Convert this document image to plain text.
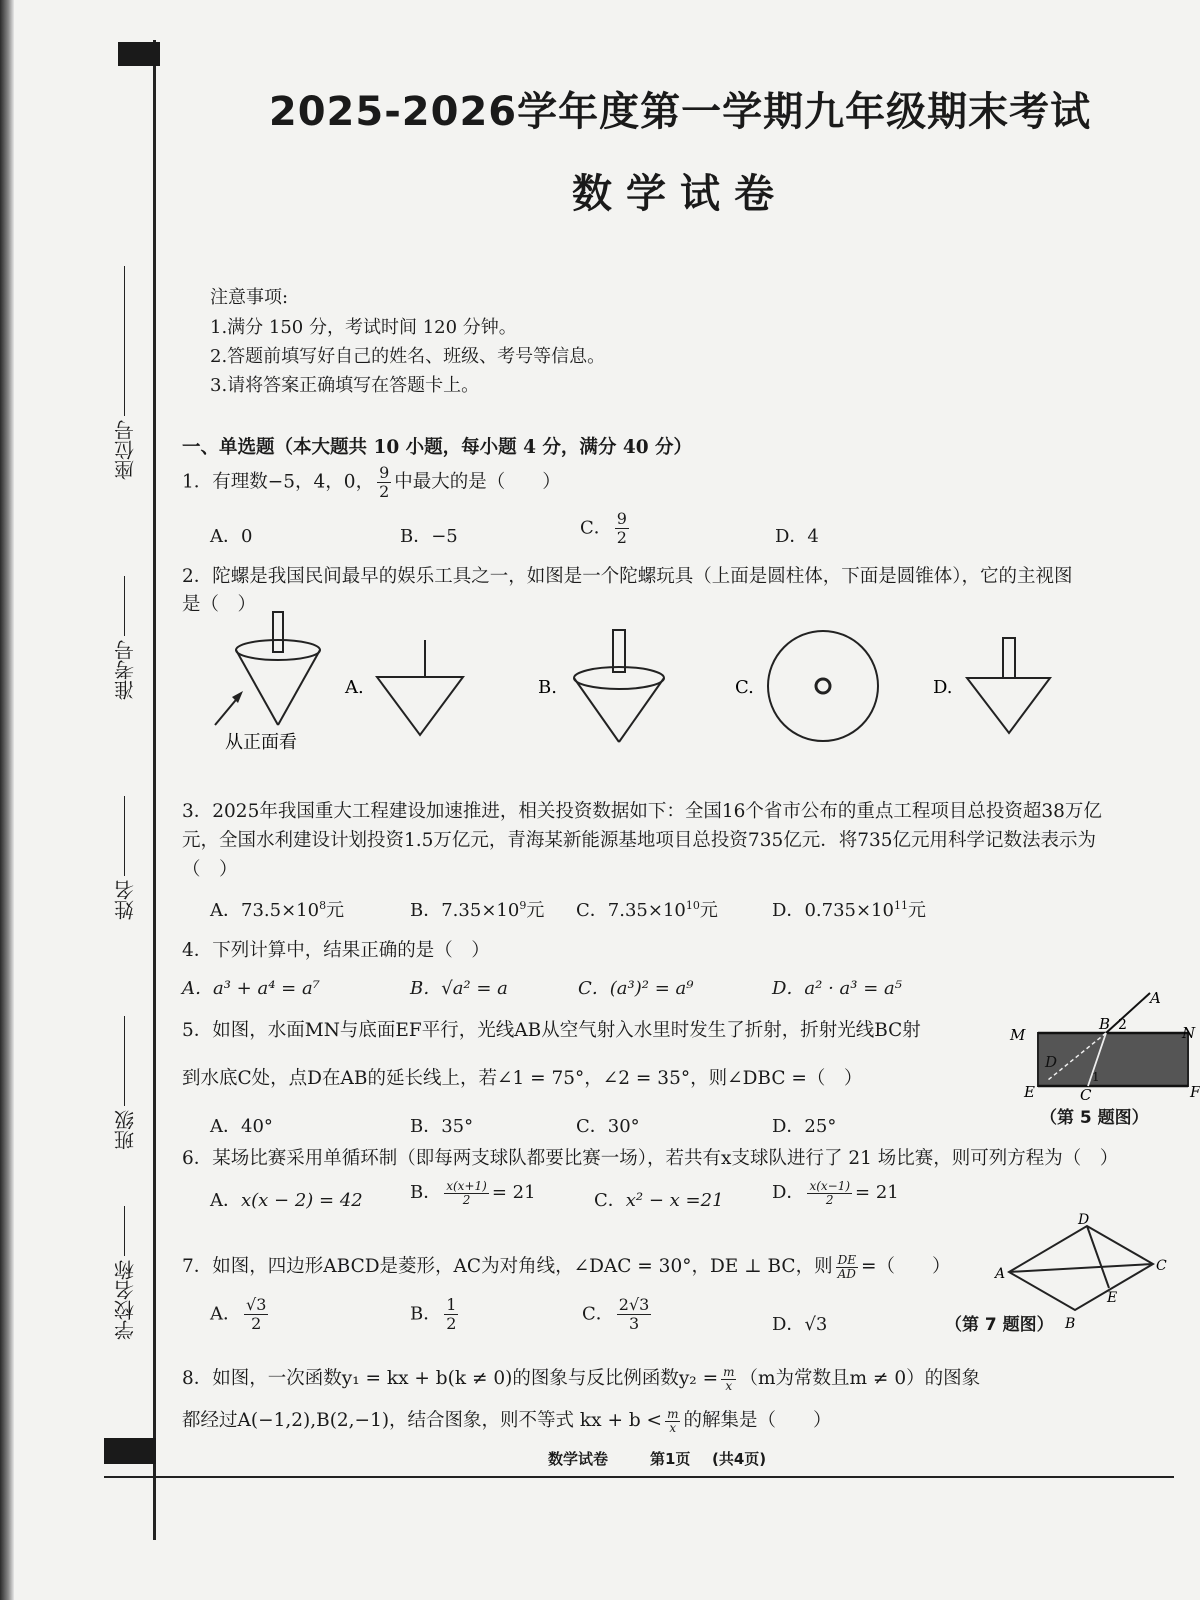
座位号
准考号
姓名
班级
学校名称
2025-2026学年度第一学期九年级期末考试
数学试卷
注意事项:
1.满分 150 分，考试时间 120 分钟。
2.答题前填写好自己的姓名、班级、考号等信息。
3.请将答案正确填写在答题卡上。
一、单选题（本大题共 10 小题，每小题 4 分，满分 40 分）
1．有理数−5，4，0， $\frac{9}{2}$ 中最大的是（　　）
A．0	B．−5	C． $\frac{9}{2}$	D．4
2．陀螺是我国民间最早的娱乐工具之一，如图是一个陀螺玩具（上面是圆柱体，下面是圆锥体），它的主视图
是（　）
从正面看
A.	B.	C.	D.
3．2025年我国重大工程建设加速推进，相关投资数据如下：全国16个省市公布的重点工程项目总投资超38万亿
元，全国水利建设计划投资1.5万亿元，青海某新能源基地项目总投资735亿元．将735亿元用科学记数法表示为
（　）
A．$73.5\times 10^8$元	B．$7.35\times 10^9$元 C．$7.35\times 10^{10}$元	D．$0.735\times 10^{11}$元
4．下列计算中，结果正确的是（　）
A．a³ + a⁴ = a⁷	B．√a² = a	C．(a³)² = a⁹	D．a² · a³ = a⁵
5．如图，水面MN与底面EF平行，光线AB从空气射入水里时发生了折射，折射光线BC射
到水底C处，点D在AB的延长线上，若∠1 = 75°，∠2 = 35°，则∠DBC =（　）
A．40°	B．35°	C．30°	D．25°
M	N
B 2
A
D
1
E	C	F
（第 5 题图）
6．某场比赛采用单循环制（即每两支球队都要比赛一场），若共有x支球队进行了 21 场比赛，则可列方程为（　）
A．x(x − 2) = 42	B． $\frac{x(x+1)}{2} = 21$	C．x² − x =21	D． $\frac{x(x-1)}{2} = 21$
7．如图，四边形ABCD是菱形，AC为对角线，∠DAC = 30°，DE ⊥ BC，则 $\frac{DE}{AD}$ =（　　）
A． $\frac{√3}{2}$	B． $\frac{1}{2}$	C． $\frac{2√3}{3}$	D．√3
A
D
C
E
B
（第 7 题图）
8．如图，一次函数y₁ = kx + b(k ≠ 0)的图象与反比例函数$y_2 = \frac{m}{x} (m$为常数且m ≠ 0）的图象
都经过A(−1,2),B(2,−1)，结合图象，则不等式 kx + $b < \frac{m}{x}$ 的解集是（　　）
数学试卷	第1页 (共4页)
